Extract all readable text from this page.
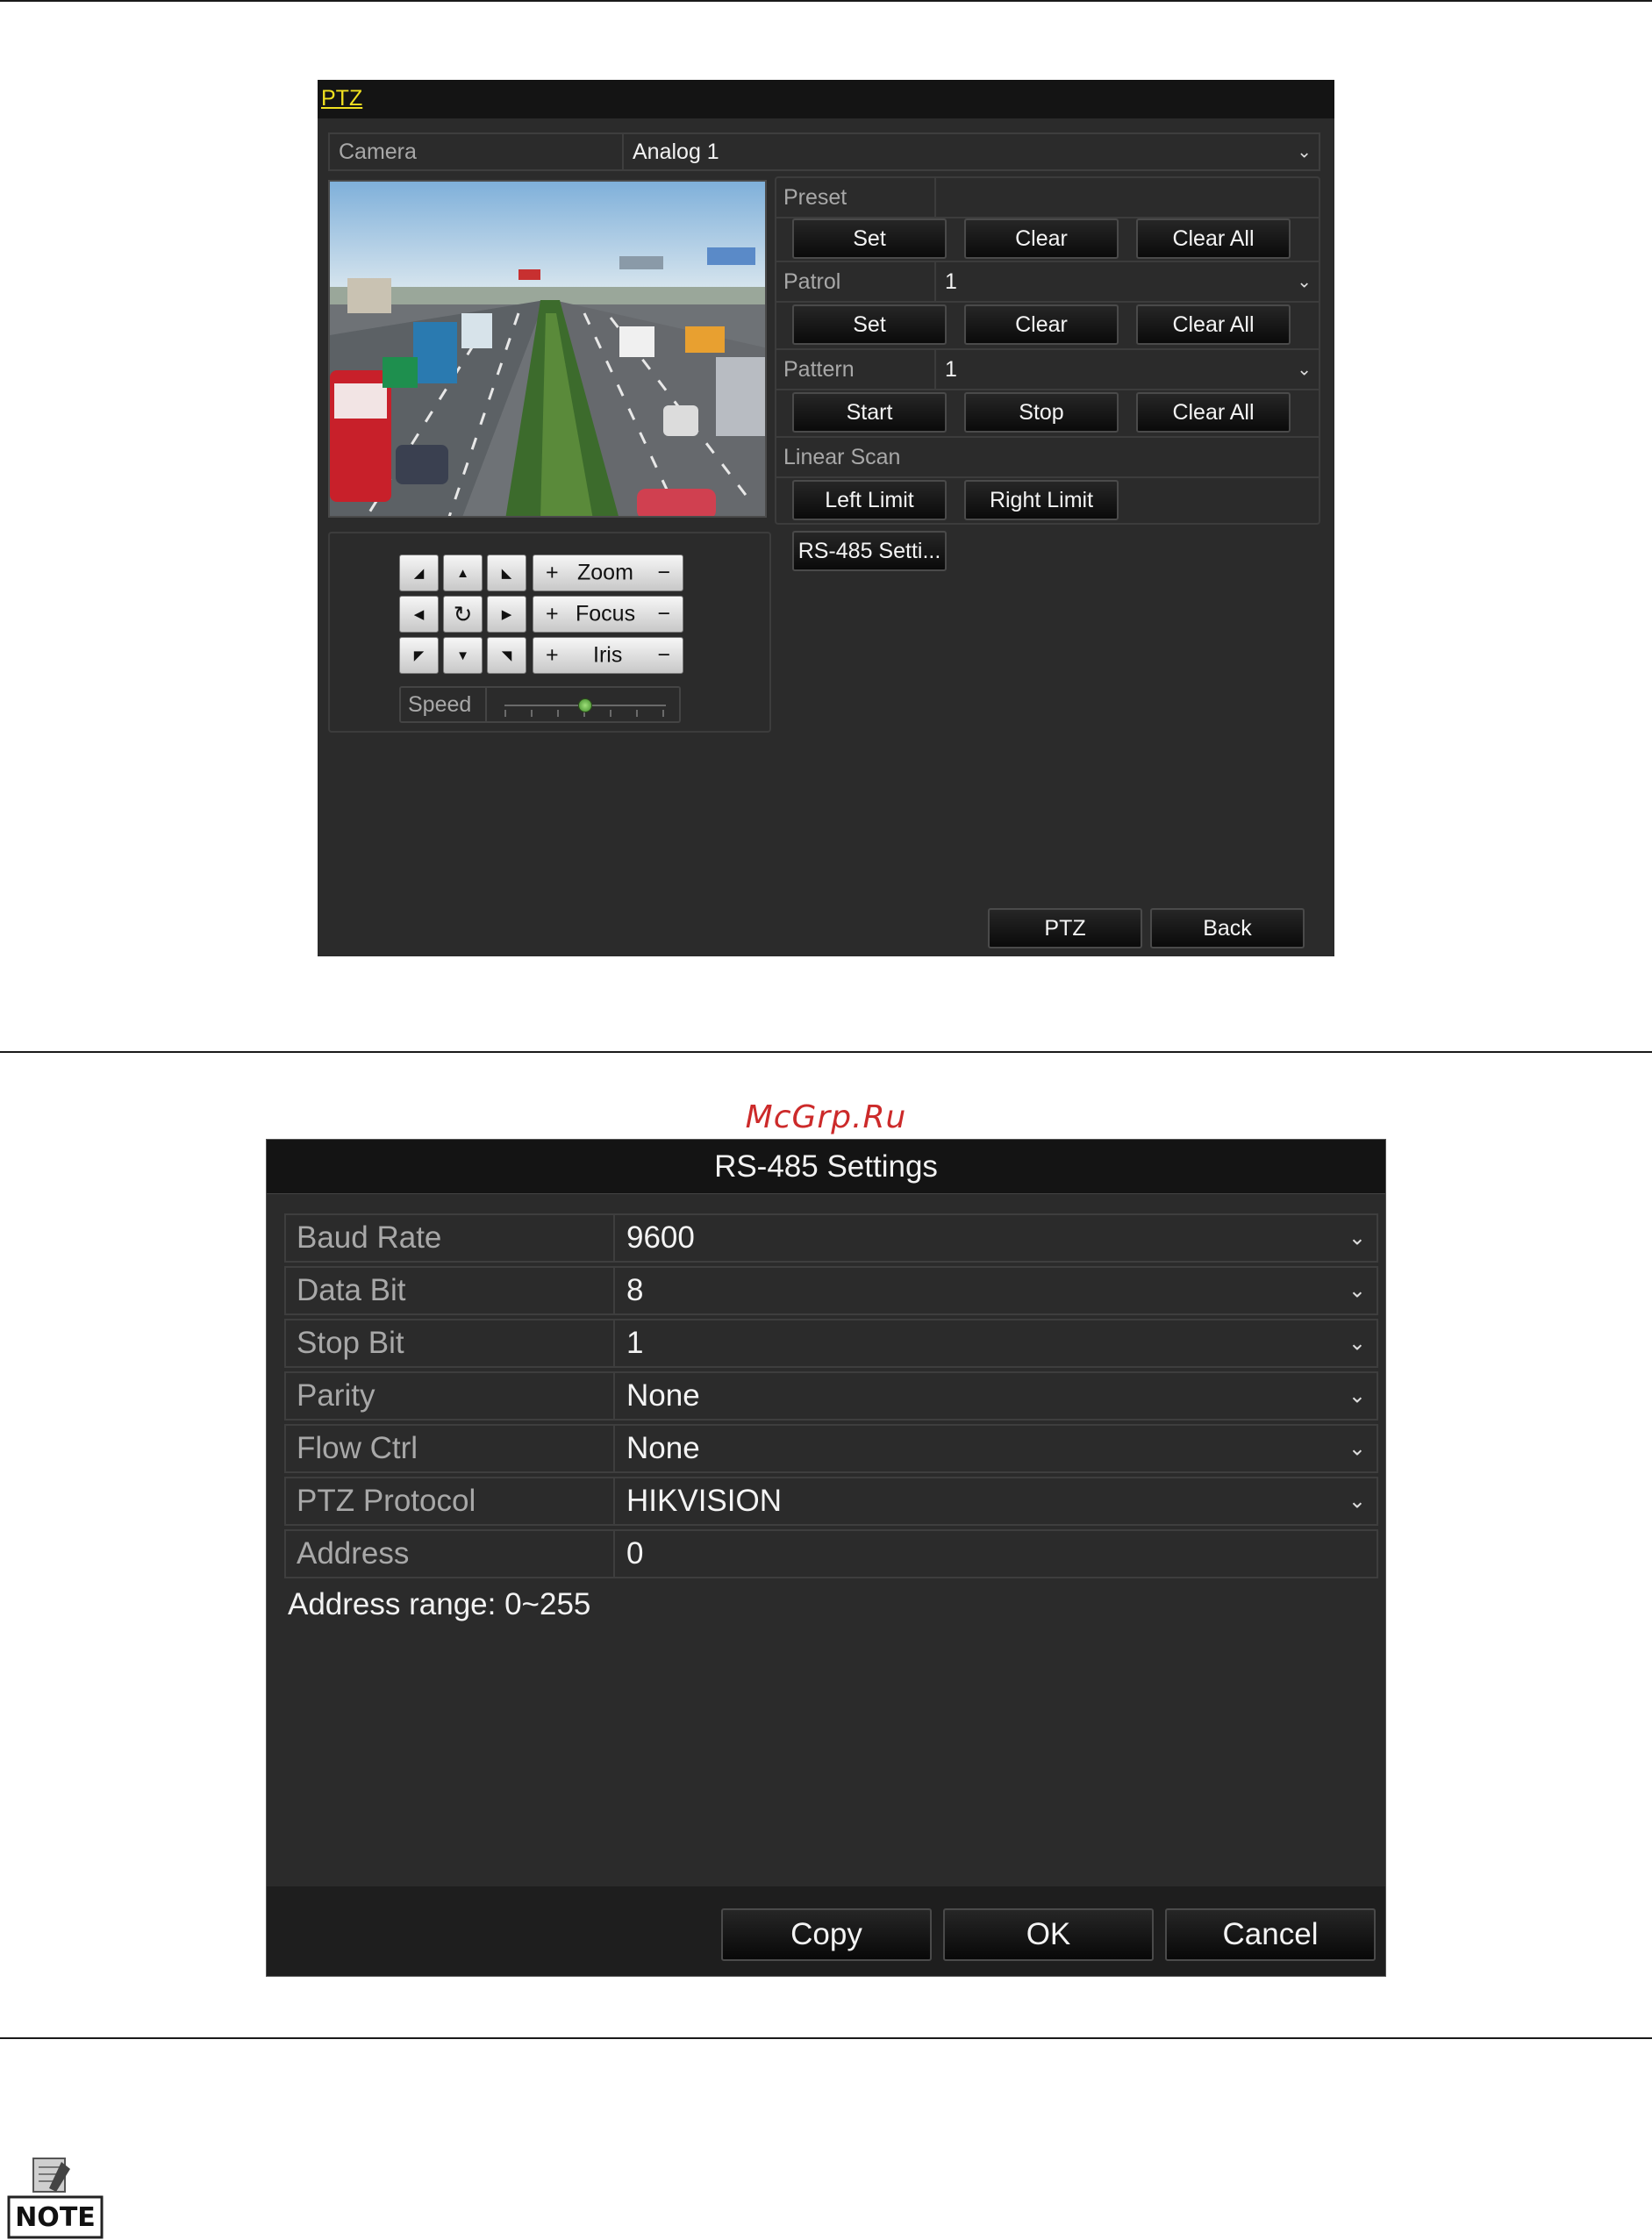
PTZ
Camera	Analog 1	⌄
◢	▲	◣
◀	↻	▶
◤	▼	◥
+ Zoom −
+ Focus −
+ Iris −
Speed
Preset
Set	Clear	Clear All
Patrol	1	⌄
Set	Clear	Clear All
Pattern	1	⌄
Start	Stop	Clear All
Linear Scan
Left Limit	Right Limit
RS-485 Setti...
PTZ	Back
McGrp.Ru
RS-485 Settings
Baud Rate	9600	⌄
Data Bit	8	⌄
Stop Bit	1	⌄
Parity	None	⌄
Flow Ctrl	None	⌄
PTZ Protocol	HIKVISION	⌄
Address	0
Address range: 0~255
Copy	OK	Cancel
NOTE
